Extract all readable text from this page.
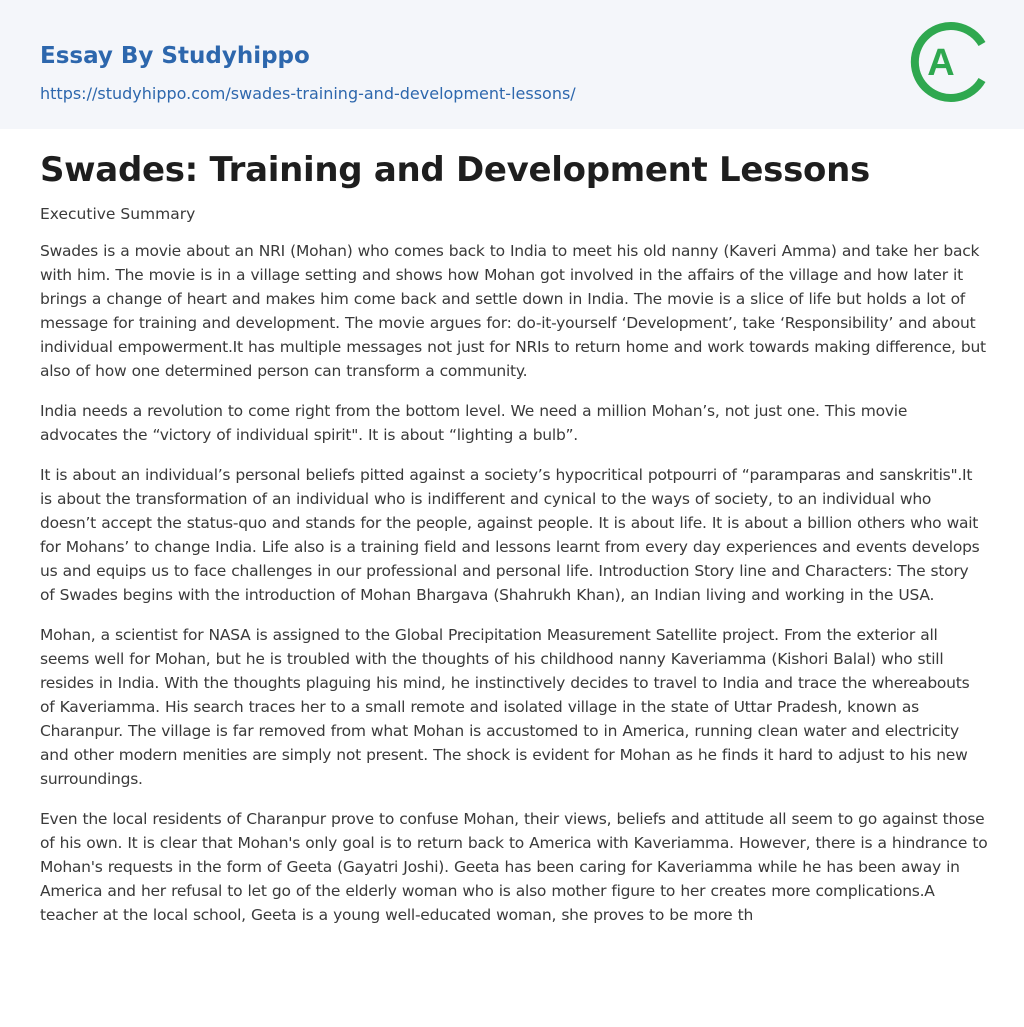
Essay By Studyhippo

https://studyhippo.com/swades-training-and-development-lessons/

A
Swades: Training and Development Lessons

Executive Summary

Swades is a movie about an NRI (Mohan) who comes back to India to meet his old nanny (Kaveri Amma) and take her back with him. The movie is in a village setting and shows how Mohan got involved in the affairs of the village and how later it brings a change of heart and makes him come back and settle down in India. The movie is a slice of life but holds a lot of message for training and development. The movie argues for: do-it-yourself ‘Development’, take ‘Responsibility’ and about individual empowerment.It has multiple messages not just for NRIs to return home and work towards making difference, but also of how one determined person can transform a community.

India needs a revolution to come right from the bottom level. We need a million Mohan’s, not just one. This movie advocates the “victory of individual spirit". It is about “lighting a bulb”.

It is about an individual’s personal beliefs pitted against a society’s hypocritical potpourri of “paramparas and sanskritis".It is about the transformation of an individual who is indifferent and cynical to the ways of society, to an individual who doesn’t accept the status-quo and stands for the people, against people. It is about life. It is about a billion others who wait for Mohans’ to change India. Life also is a training field and lessons learnt from every day experiences and events develops us and equips us to face challenges in our professional and personal life. Introduction Story line and Characters: The story of Swades begins with the introduction of Mohan Bhargava (Shahrukh Khan), an Indian living and working in the USA.

Mohan, a scientist for NASA is assigned to the Global Precipitation Measurement Satellite project. From the exterior all seems well for Mohan, but he is troubled with the thoughts of his childhood nanny Kaveriamma (Kishori Balal) who still resides in India. With the thoughts plaguing his mind, he instinctively decides to travel to India and trace the whereabouts of Kaveriamma. His search traces her to a small remote and isolated village in the state of Uttar Pradesh, known as Charanpur. The village is far removed from what Mohan is accustomed to in America, running clean water and electricity and other modern menities are simply not present. The shock is evident for Mohan as he finds it hard to adjust to his new surroundings.

Even the local residents of Charanpur prove to confuse Mohan, their views, beliefs and attitude all seem to go against those of his own. It is clear that Mohan's only goal is to return back to America with Kaveriamma. However, there is a hindrance to Mohan's requests in the form of Geeta (Gayatri Joshi). Geeta has been caring for Kaveriamma while he has been away in America and her refusal to let go of the elderly woman who is also mother figure to her creates more complications.A teacher at the local school, Geeta is a young well-educated woman, she proves to be more th
